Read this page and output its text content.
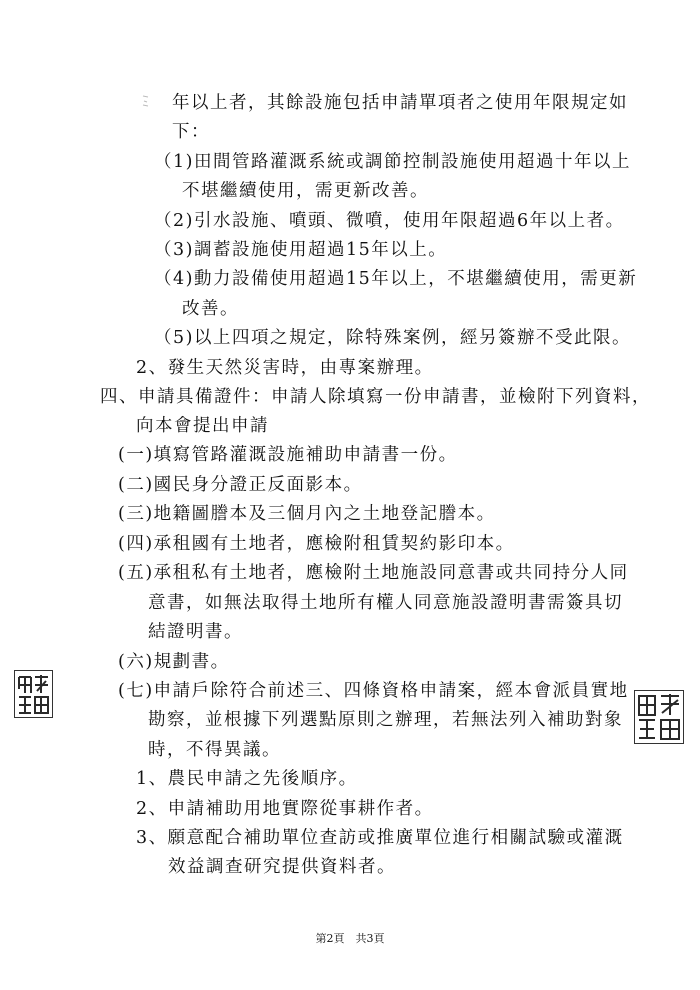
年以上者，其餘設施包括申請單項者之使用年限規定如
下：
（1)田間管路灌溉系統或調節控制設施使用超過十年以上
不堪繼續使用，需更新改善。
（2)引水設施、噴頭、微噴，使用年限超過6年以上者。
（3)調蓄設施使用超過15年以上。
（4)動力設備使用超過15年以上，不堪繼續使用，需更新
改善。
（5)以上四項之規定，除特殊案例，經另簽辦不受此限。
2、發生天然災害時，由專案辦理。
四、申請具備證件：申請人除填寫一份申請書，並檢附下列資料，
向本會提出申請
(一)填寫管路灌溉設施補助申請書一份。
(二)國民身分證正反面影本。
(三)地籍圖謄本及三個月內之土地登記謄本。
(四)承租國有土地者，應檢附租賃契約影印本。
(五)承租私有土地者，應檢附土地施設同意書或共同持分人同
意書，如無法取得土地所有權人同意施設證明書需簽具切
結證明書。
(六)規劃書。
(七)申請戶除符合前述三、四條資格申請案，經本會派員實地
勘察，並根據下列選點原則之辦理，若無法列入補助對象
時，不得異議。
1、農民申請之先後順序。
2、申請補助用地實際從事耕作者。
3、願意配合補助單位查訪或推廣單位進行相關試驗或灌溉
效益調查研究提供資料者。
第2頁　共3頁
